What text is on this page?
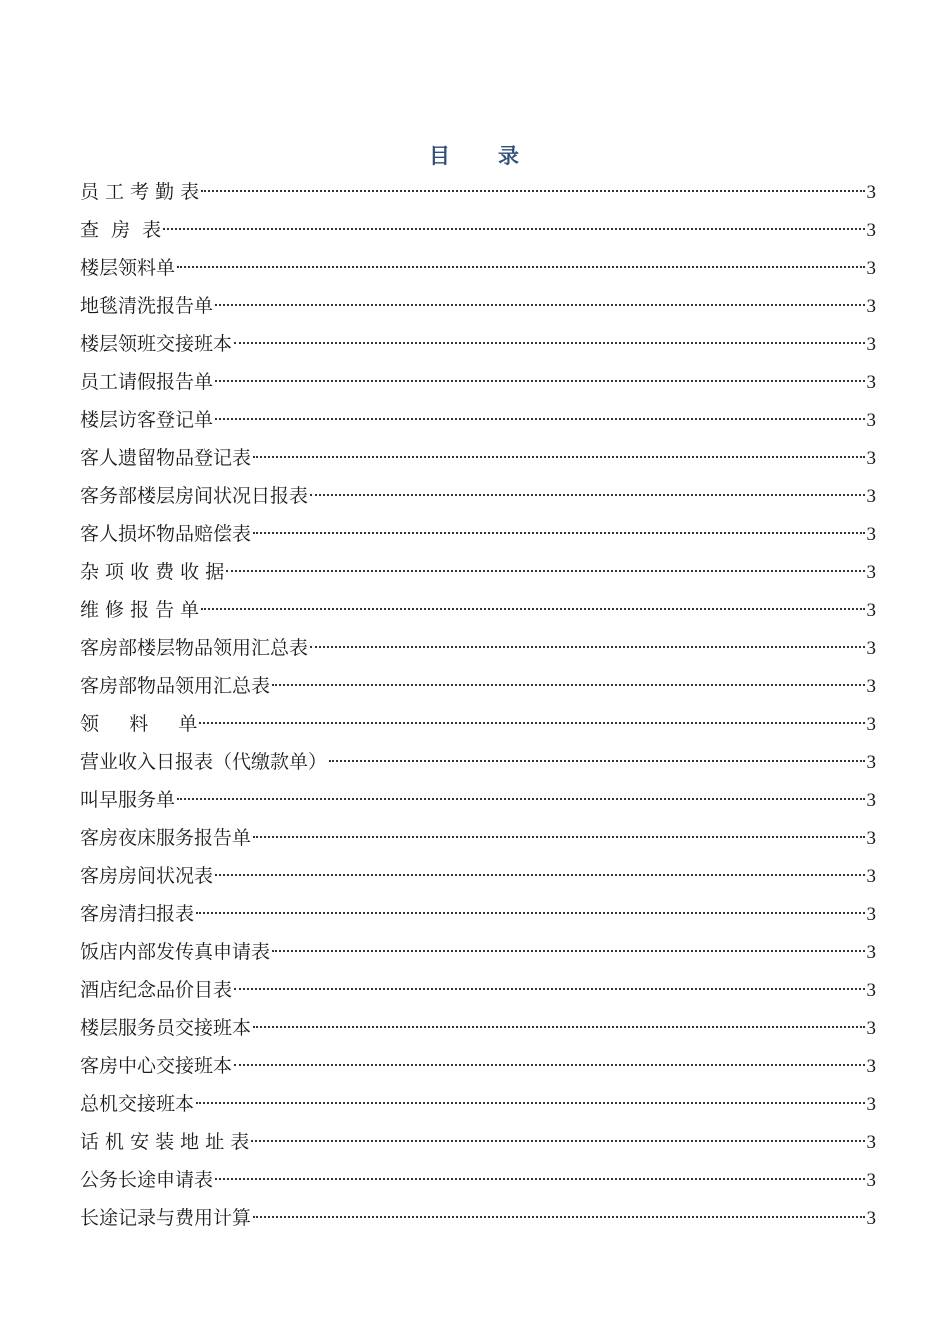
目 录
员 工 考 勤 表	3
查  房  表	3
楼层领料单	3
地毯清洗报告单	3
楼层领班交接班本	3
员工请假报告单	3
楼层访客登记单	3
客人遗留物品登记表	3
客务部楼层房间状况日报表	3
客人损坏物品赔偿表	3
杂 项 收 费 收 据	3
维 修 报 告 单	3
客房部楼层物品领用汇总表	3
客房部物品领用汇总表	3
领     料     单	3
营业收入日报表（代缴款单）	3
叫早服务单	3
客房夜床服务报告单	3
客房房间状况表	3
客房清扫报表	3
饭店内部发传真申请表	3
酒店纪念品价目表	3
楼层服务员交接班本	3
客房中心交接班本	3
总机交接班本	3
话 机 安 装 地 址 表	3
公务长途申请表	3
长途记录与费用计算	3
